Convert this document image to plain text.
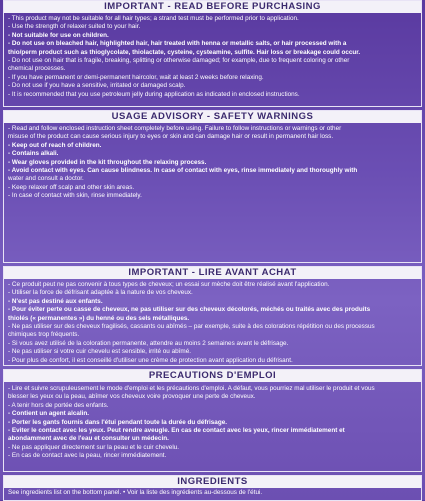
IMPORTANT - READ BEFORE PURCHASING
- This product may not be suitable for all hair types; a strand test must be performed prior to application.
- Use the strength of relaxer suited to your hair.
- Not suitable for use on children.
- Do not use on bleached hair, highlighted hair, hair treated with henna or metallic salts, or hair processed with a
thio/perm product such as thioglycolate, thiolactate, cysteine, cysteamine, sulfite. Hair loss or breakage could occur.
- Do not use on hair that is fragile, breaking, splitting or otherwise damaged; for example, due to frequent coloring or other
chemical processes.
- If you have permanent or demi-permanent haircolor, wait at least 2 weeks before relaxing.
- Do not use if you have a sensitive, irritated or damaged scalp.
- It is recommended that you use petroleum jelly during application as indicated in enclosed instructions.
USAGE ADVISORY - SAFETY WARNINGS
- Read and follow enclosed instruction sheet completely before using. Failure to follow instructions or warnings or other
misuse of the product can cause serious injury to eyes or skin and can damage hair or result in permanent hair loss.
- Keep out of reach of children.
- Contains alkali.
- Wear gloves provided in the kit throughout the relaxing process.
- Avoid contact with eyes. Can cause blindness. In case of contact with eyes, rinse immediately and thoroughly with
water and consult a doctor.
- Keep relaxer off scalp and other skin areas.
- In case of contact with skin, rinse immediately.
IMPORTANT - LIRE AVANT ACHAT
- Ce produit peut ne pas convenir à tous types de cheveux; un essai sur mèche doit être réalisé avant l'application.
- Utiliser la force de défrisant adaptée à la nature de vos cheveux.
- N'est pas destiné aux enfants.
- Pour éviter perte ou casse de cheveux, ne pas utiliser sur des cheveux décolorés, méchés ou traités avec des produits
thiolés (« permanentes ») du henné ou des sels métalliques.
- Ne pas utiliser sur des cheveux fragilisés, cassants ou abîmés – par exemple, suite à des colorations répétition ou des processus
chimiques trop fréquents.
- Si vous avez utilisé de la coloration permanente, attendre au moins 2 semaines avant le défrisage.
- Ne pas utiliser si votre cuir chevelu est sensible, irrité ou abîmé.
- Pour plus de confort, il est conseillé d'utiliser une crème de protection avant application du défrisant.
PRECAUTIONS D'EMPLOI
- Lire et suivre scrupuleusement le mode d'emploi et les précautions d'emploi. A défaut, vous pourriez mal utiliser le produit et vous
blesser les yeux ou la peau, abîmer vos cheveux voire provoquer une perte de cheveux.
- A tenir hors de portée des enfants.
- Contient un agent alcalin.
- Porter les gants fournis dans l'étui pendant toute la durée du défrisage.
- Eviter le contact avec les yeux. Peut rendre aveugle. En cas de contact avec les yeux, rincer immédiatement et
abondamment avec de l'eau et consulter un médecin.
- Ne pas appliquer directement sur la peau et le cuir chevelu.
- En cas de contact avec la peau, rincer immédiatement.
INGREDIENTS
See ingredients list on the bottom panel. • Voir la liste des ingrédients au-dessous de l'étui.
